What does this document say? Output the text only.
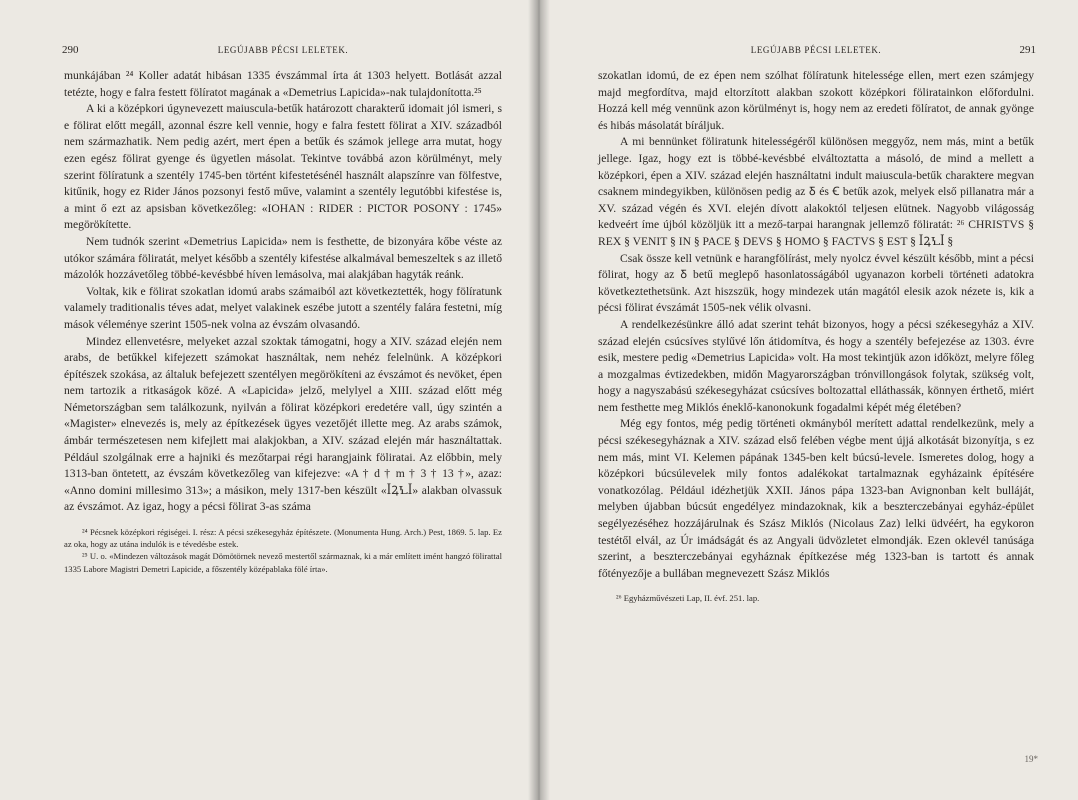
290	LEGÚJABB PÉCSI LELETEK.

munkájában ²⁴ Koller adatát hibásan 1335 évszámmal írta át 1303 helyett. Botlását azzal tetézte, hogy e falra festett fölíratot magának a «Demetrius Lapicida»-nak tulajdonította.²⁵

A ki a középkori úgynevezett maiuscula-betűk határozott charakterű idomait jól ismeri, s e fölirat előtt megáll, azonnal észre kell vennie, hogy e falra festett fölirat a XIV. századból nem származhatik. Nem pedig azért, mert épen a betűk és számok jellege arra mutat, hogy ezen egész fölirat gyenge és ügyetlen másolat. Tekintve továbbá azon körülményt, mely szerint fölíratunk a szentély 1745-ben történt kifestetésénél használt alapszínre van fölfestve, kitűnik, hogy ez Rider János pozsonyi festő műve, valamint a szentély legutóbbi kifestése is, a mint ő ezt az apsisban következőleg: «IOHAN : RIDER : PICTOR POSONY : 1745» megörökítette.

Nem tudnók szerint «Demetrius Lapicida» nem is festhette, de bizonyára kőbe véste az utókor számára föliratát, melyet később a szentély kifestése alkalmával bemeszeltek s az illető mázolók hozzávetőleg többé-kevésbbé híven lemásolva, mai alakjában hagyták reánk.

Voltak, kik e fölirat szokatlan idomú arabs számaiból azt következtették, hogy fölíratunk valamely traditionalis téves adat, melyet valakinek eszébe jutott a szentély falára festetni, míg mások véleménye szerint 1505-nek volna az évszám olvasandó.

Mindez ellenvetésre, melyeket azzal szoktak támogatni, hogy a XIV. század elején nem arabs, de betűkkel kifejezett számokat használtak, nem nehéz felelnünk. A középkori építészek szokása, az általuk befejezett szentélyen megörökíteni az évszámot és nevöket, épen nem tartozik a ritkaságok közé. A «Lapicida» jelző, melylyel a XIII. század előtt még Németországban sem találkozunk, nyilván a fölirat középkori eredetére vall, úgy szintén a «Magister» elnevezés is, mely az építkezések ügyes vezetőjét illette meg. Az arabs számok, ámbár természetesen nem kifejlett mai alakjokban, a XIV. század elején már használtattak. Például szolgálnak erre a hajniki és mezőtarpai régi harangjaink föliratai. Az előbbin, mely 1313-ban öntetett, az évszám következőleg van kifejezve: «A † d † m † 3 † 13 †», azaz: «Anno domini millesimo 313»; a másikon, mely 1317-ben készült «ꟾꝜꝆꟾ» alakban olvassuk az évszámot. Az igaz, hogy a pécsi fölirat 3-as száma

²⁴ Pécsnek középkori régiségei. I. rész: A pécsi székesegyház építészete. (Monumenta Hung. Arch.) Pest, 1869. 5. lap. Ez az oka, hogy az utána indulók is e tévedésbe estek.

²⁵ U. o. «Mindezen változások magát Dömötörnek nevező mestertől származnak, ki a már említett imént hangzó fölirattal 1335 Labore Magistri Demetri Lapicide, a főszentély középablaka fölé írta».

LEGÚJABB PÉCSI LELETEK.	291

szokatlan idomú, de ez épen nem szólhat fölíratunk hitelessége ellen, mert ezen számjegy majd megfordítva, majd eltorzított alakban szokott középkori föliratainkon előfordulni. Hozzá kell még vennünk azon körülményt is, hogy nem az eredeti fölíratot, de annak gyönge és hibás másolatát bíráljuk.

A mi bennünket föliratunk hitelességéről különösen meggyőz, nem más, mint a betűk jellege. Igaz, hogy ezt is többé-kevésbbé elváltoztatta a másoló, de mind a mellett a középkori, épen a XIV. század elején használtatni indult maiuscula-betűk charaktere megvan csaknem mindegyikben, különösen pedig az Ᵹ és Ꞓ betűk azok, melyek első pillanatra már a XV. század végén és XVI. elején dívott alakoktól teljesen elütnek. Nagyobb világosság kedveért íme újból közöljük itt a mező-tarpai harangnak jellemző föliratát: ²⁶ CHRISTVS § REX § VENIT § IN § PACE § DEVS § HOMO § FACTVS § EST § ꟾꝜꝆꟾ §

Csak össze kell vetnünk e harangfölírást, mely nyolcz évvel készült később, mint a pécsi fölirat, hogy az Ᵹ betű meglepő hasonlatosságából ugyanazon korbeli történeti adatokra következtethetsünk. Azt hiszszük, hogy mindezek után magától elesik azok nézete is, kik a pécsi fölirat évszámát 1505-nek vélik olvasni.

A rendelkezésünkre álló adat szerint tehát bizonyos, hogy a pécsi székesegyház a XIV. század elején csúcsíves stylűvé lőn átidomítva, és hogy a szentély befejezése az 1303. évre esik, mestere pedig «Demetrius Lapicida» volt. Ha most tekintjük azon időközt, melyre főleg a mozgalmas évtizedekben, midőn Magyarországban trónvillongások folytak, szükség volt, hogy a nagyszabású székesegyházat csúcsíves boltozattal elláthassák, könnyen érthető, miért nem festhette meg Miklós éneklő-kanonokunk fogadalmi képét még életében?

Még egy fontos, még pedig történeti okmányból merített adattal rendelkezünk, mely a pécsi székesegyháznak a XIV. század első felében végbe ment újjá alkotását bizonyítja, s ez nem más, mint VI. Kelemen pápának 1345-ben kelt búcsú-levele. Ismeretes dolog, hogy a középkori búcsúlevelek mily fontos adalékokat tartalmaznak egyházaink építésére vonatkozólag. Például idézhetjük XXII. János pápa 1323-ban Avignonban kelt bulláját, melyben újabban búcsút engedélyez mindazoknak, kik a beszterczebányai egyház-épület segélyezéséhez hozzájárulnak és Szász Miklós (Nicolaus Zaz) lelki üdvéért, ha egykoron testétől elvál, az Úr imádságát és az Angyali üdvözletet elmondják. Ezen oklevél tanúsága szerint, a beszterczebányai egyháznak építkezése még 1323-ban is tartott és annak főtényezője a bullában megnevezett Szász Miklós

²⁶ Egyházművészeti Lap, II. évf. 251. lap.

19*
